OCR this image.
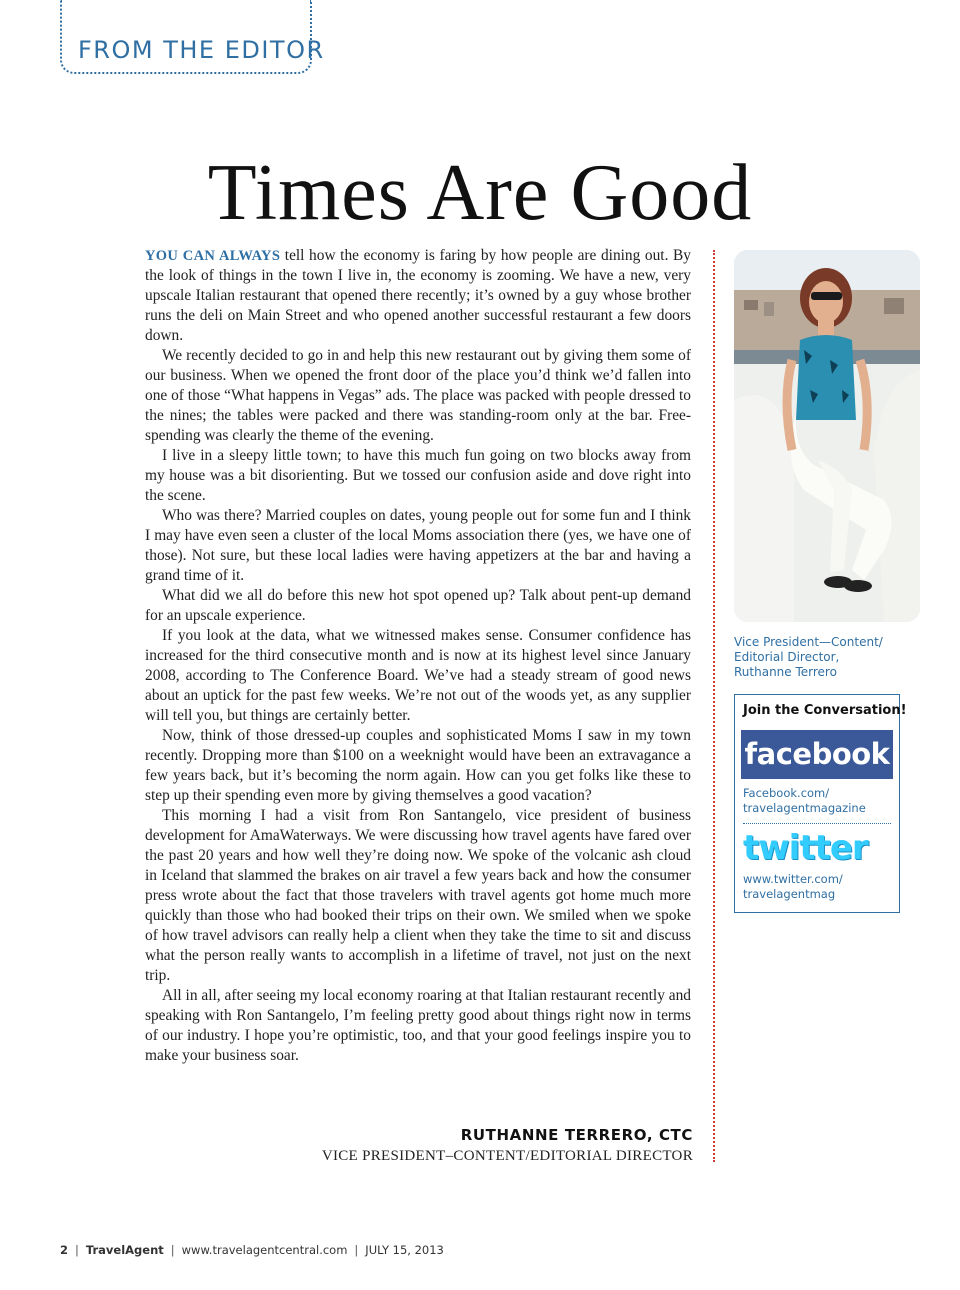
FROM THE EDITOR
Times Are Good

YOU CAN ALWAYS tell how the economy is faring by how people are dining out. By the look of things in the town I live in, the economy is zooming. We have a new, very upscale Italian restaurant that opened there recently; it’s owned by a guy whose brother runs the deli on Main Street and who opened another successful restaurant a few doors down.

We recently decided to go in and help this new restaurant out by giving them some of our business. When we opened the front door of the place you’d think we’d fallen into one of those “What happens in Vegas” ads. The place was packed with people dressed to the nines; the tables were packed and there was standing-room only at the bar. Free-spending was clearly the theme of the evening.

I live in a sleepy little town; to have this much fun going on two blocks away from my house was a bit disorienting. But we tossed our confusion aside and dove right into the scene.

Who was there? Married couples on dates, young people out for some fun and I think I may have even seen a cluster of the local Moms association there (yes, we have one of those). Not sure, but these local ladies were having appetizers at the bar and having a grand time of it.

What did we all do before this new hot spot opened up? Talk about pent-up demand for an upscale experience.

If you look at the data, what we witnessed makes sense. Consumer confidence has increased for the third consecutive month and is now at its highest level since January 2008, according to The Conference Board. We’ve had a steady stream of good news about an uptick for the past few weeks. We’re not out of the woods yet, as any supplier will tell you, but things are certainly better.

Now, think of those dressed-up couples and sophisticated Moms I saw in my town recently. Dropping more than $100 on a weeknight would have been an extravagance a few years back, but it’s becoming the norm again. How can you get folks like these to step up their spending even more by giving themselves a good vacation?

This morning I had a visit from Ron Santangelo, vice president of business development for AmaWaterways. We were discussing how travel agents have fared over the past 20 years and how well they’re doing now. We spoke of the volcanic ash cloud in Iceland that slammed the brakes on air travel a few years back and how the consumer press wrote about the fact that those travelers with travel agents got home much more quickly than those who had booked their trips on their own. We smiled when we spoke of how travel advisors can really help a client when they take the time to sit and discuss what the person really wants to accomplish in a lifetime of travel, not just on the next trip.

All in all, after seeing my local economy roaring at that Italian restaurant recently and speaking with Ron Santangelo, I’m feeling pretty good about things right now in terms of our industry. I hope you’re optimistic, too, and that your good feelings inspire you to make your business soar.

RUTHANNE TERRERO, CTC
VICE PRESIDENT–CONTENT/EDITORIAL DIRECTOR
Vice President—Content/
Editorial Director,
Ruthanne Terrero
Join the Conversation!
facebook
Facebook.com/
travelagentmagazine
twitter
www.twitter.com/
travelagentmag
2 | TravelAgent | www.travelagentcentral.com | JULY 15, 2013
